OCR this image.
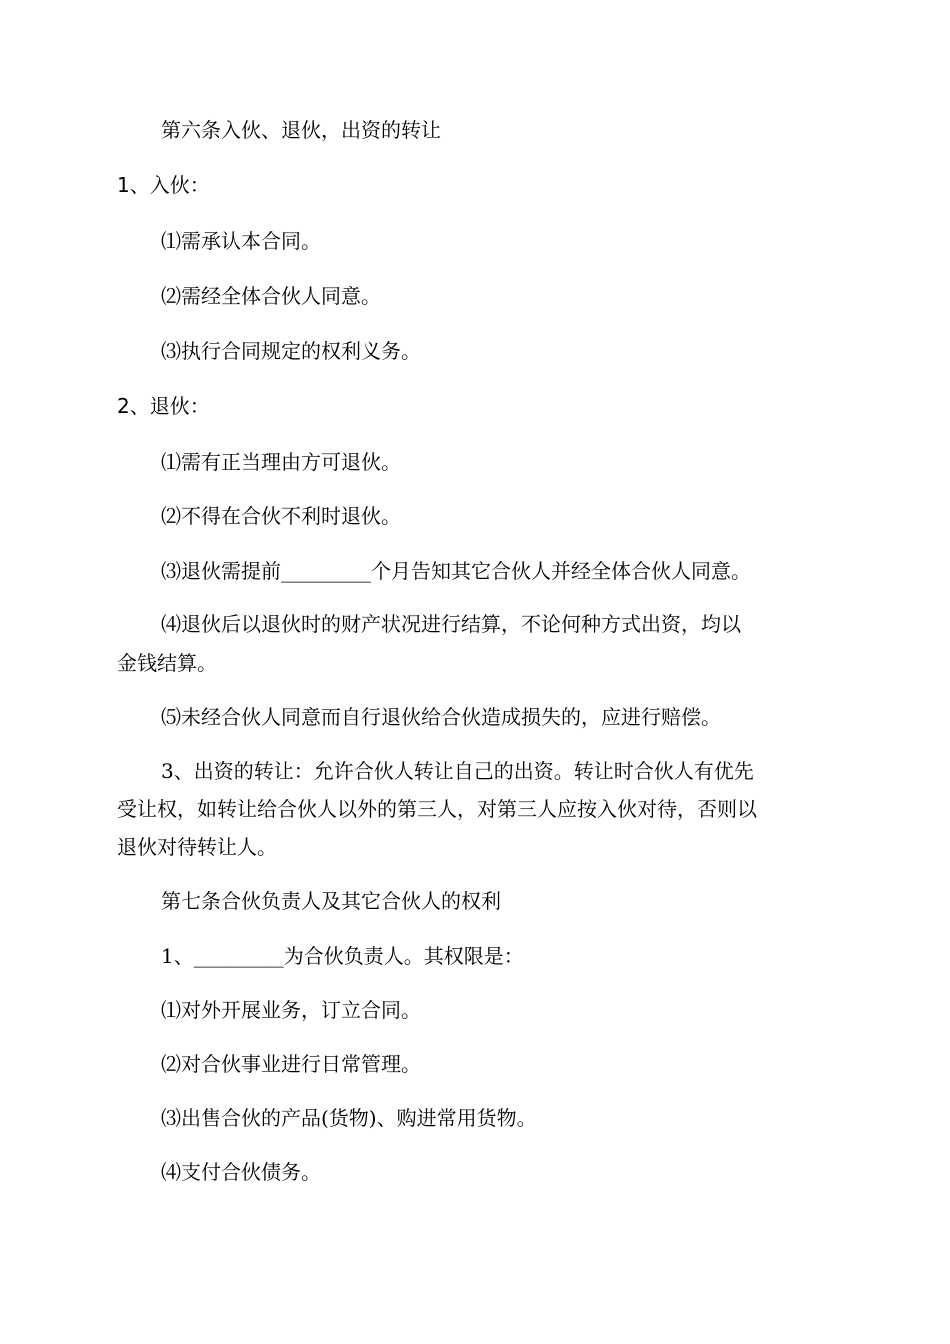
第六条入伙、退伙，出资的转让
1、入伙：
⑴需承认本合同。
⑵需经全体合伙人同意。
⑶执行合同规定的权利义务。
2、退伙：
⑴需有正当理由方可退伙。
⑵不得在合伙不利时退伙。
⑶退伙需提前_________个月告知其它合伙人并经全体合伙人同意。
⑷退伙后以退伙时的财产状况进行结算，不论何种方式出资，均以
金钱结算。
⑸未经合伙人同意而自行退伙给合伙造成损失的，应进行赔偿。
3、出资的转让：允许合伙人转让自己的出资。转让时合伙人有优先
受让权，如转让给合伙人以外的第三人，对第三人应按入伙对待，否则以
退伙对待转让人。
第七条合伙负责人及其它合伙人的权利
1、_________为合伙负责人。其权限是：
⑴对外开展业务，订立合同。
⑵对合伙事业进行日常管理。
⑶出售合伙的产品(货物)、购进常用货物。
⑷支付合伙债务。
